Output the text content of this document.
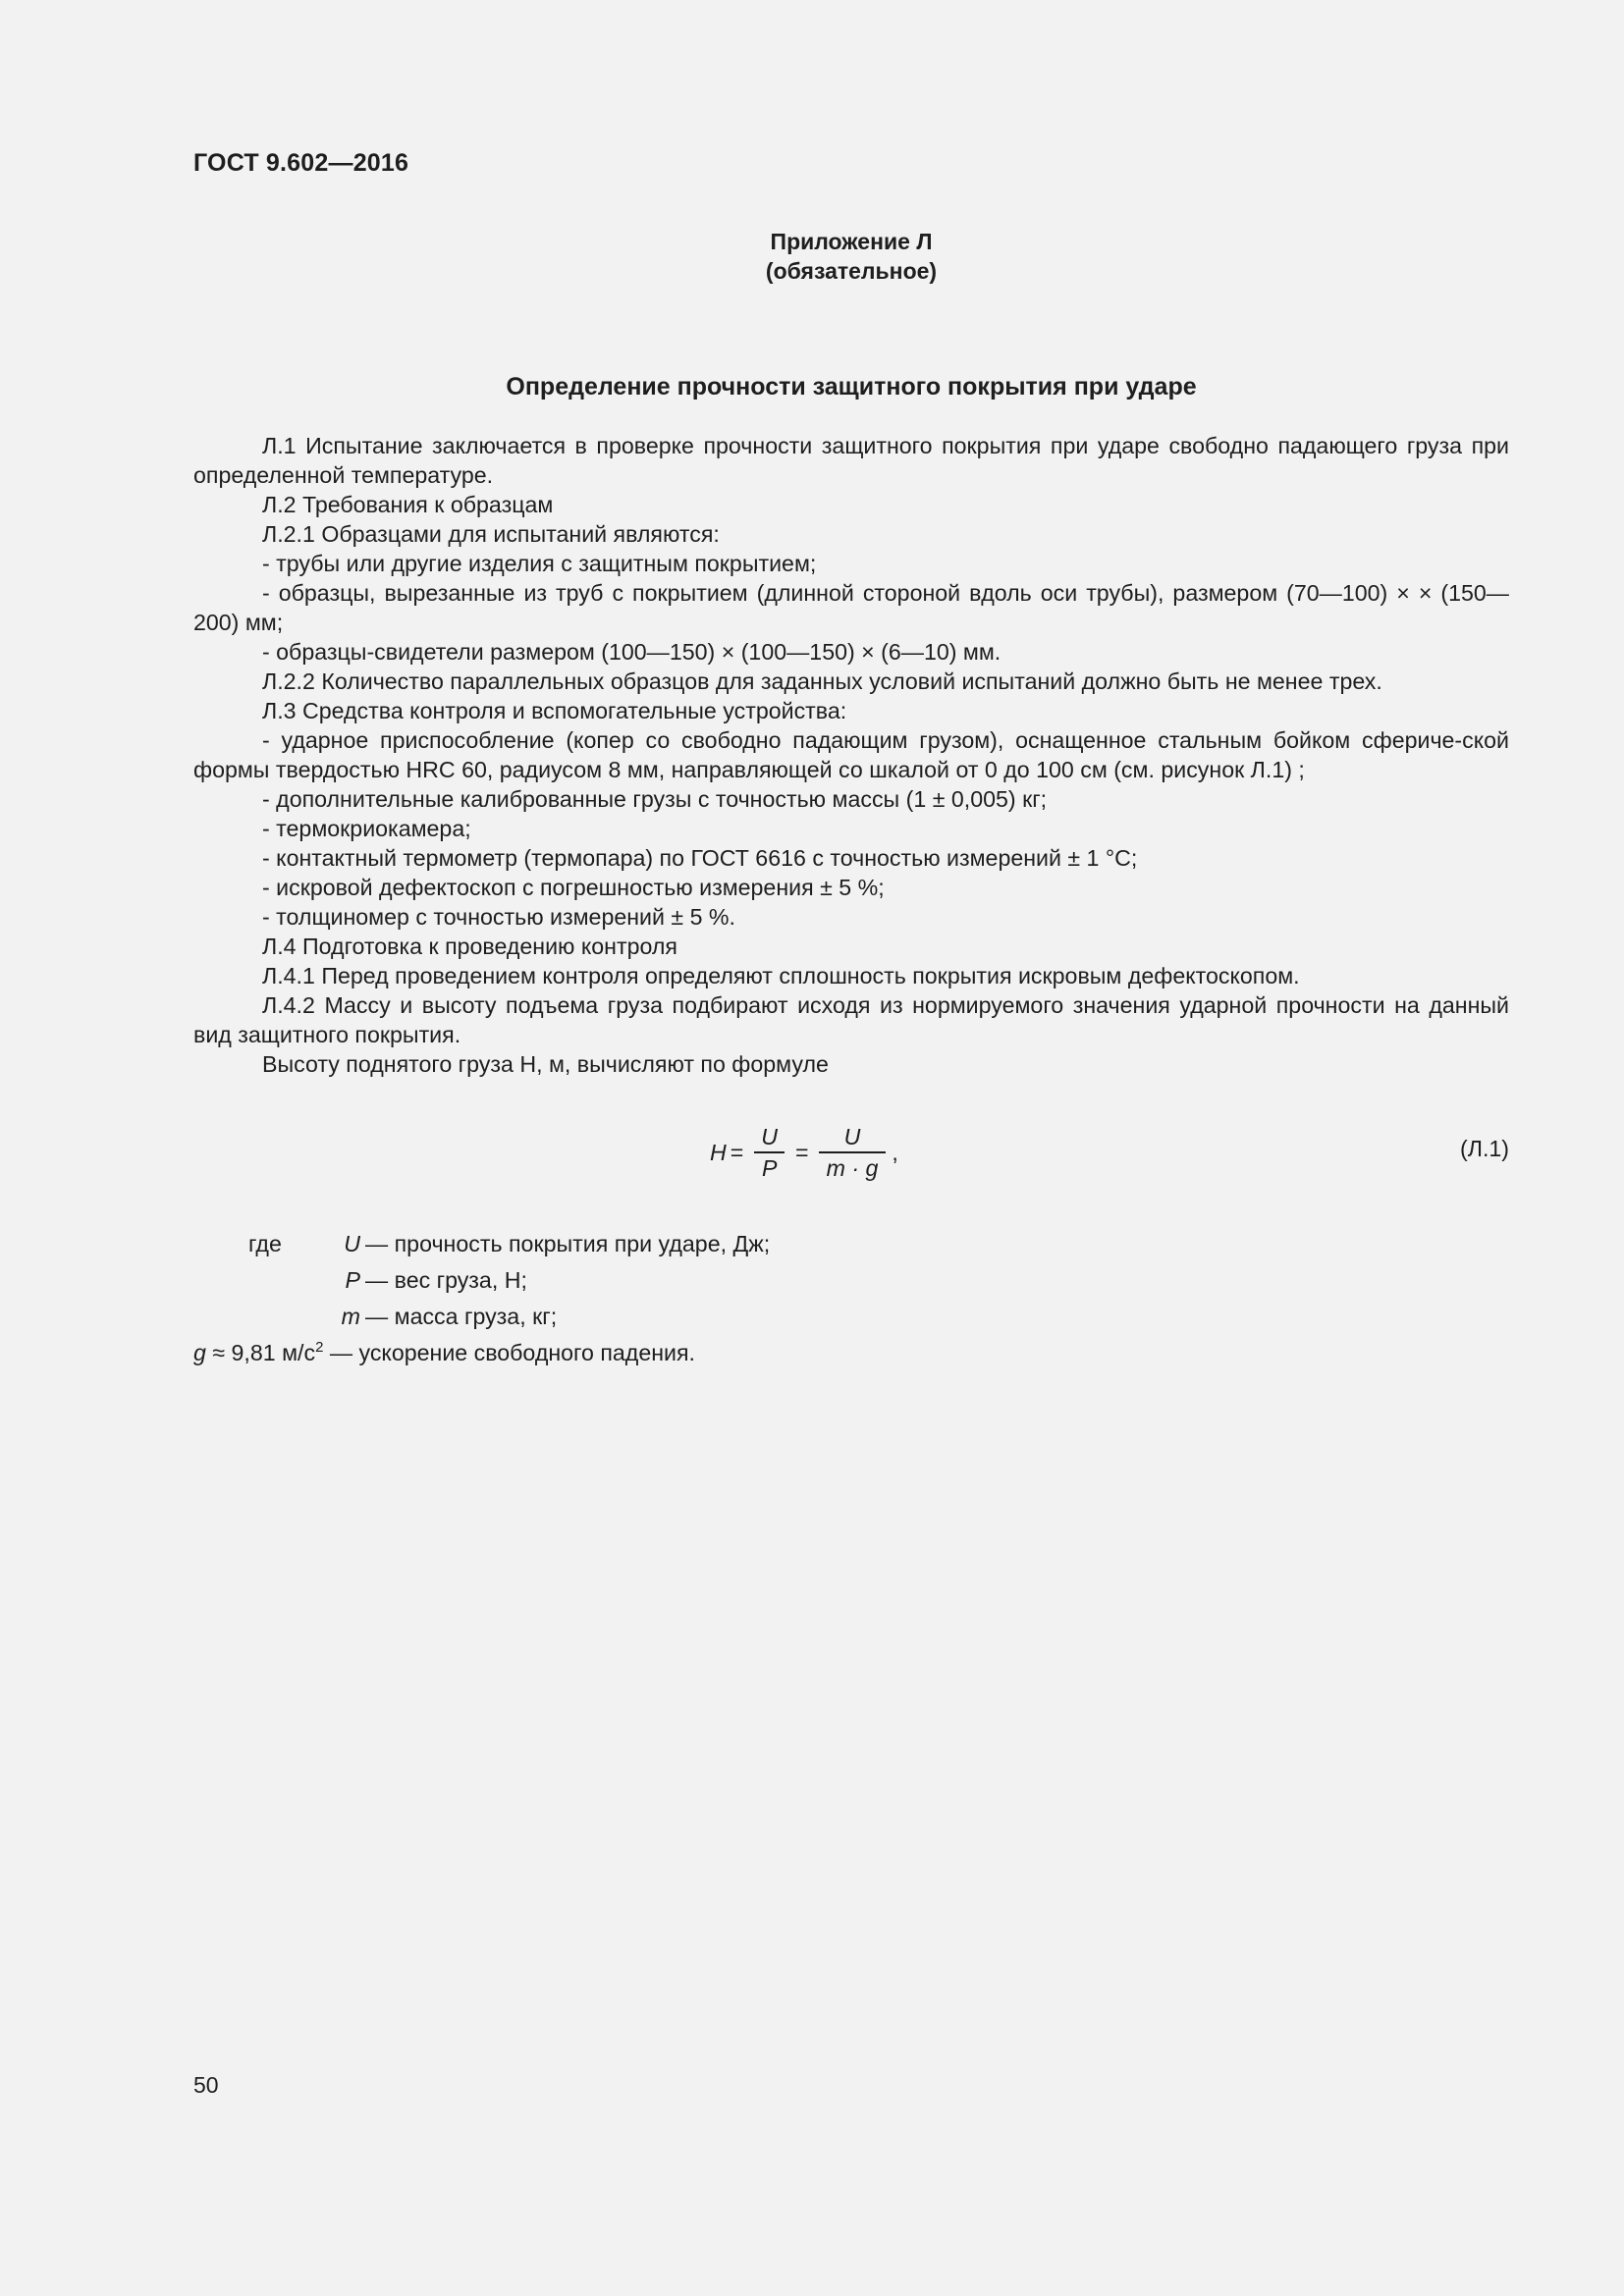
ГОСТ 9.602—2016
Приложение Л
(обязательное)
Определение прочности защитного покрытия при ударе

Л.1 Испытание заключается в проверке прочности защитного покрытия при ударе свободно падающего груза при определенной температуре.

Л.2 Требования к образцам

Л.2.1 Образцами для испытаний являются:

- трубы или другие изделия с защитным покрытием;

- образцы, вырезанные из труб с покрытием (длинной стороной вдоль оси трубы), размером (70—100) × × (150—200) мм;

- образцы-свидетели размером (100—150) × (100—150) × (6—10) мм.

Л.2.2 Количество параллельных образцов для заданных условий испытаний должно быть не менее трех.

Л.3 Средства контроля и вспомогательные устройства:

- ударное приспособление (копер со свободно падающим грузом), оснащенное стальным бойком сфериче-ской формы твердостью HRC 60, радиусом 8 мм, направляющей со шкалой от 0 до 100 см (см. рисунок Л.1) ;

- дополнительные калиброванные грузы с точностью массы (1 ± 0,005) кг;

- термокриокамера;

- контактный термометр (термопара) по ГОСТ 6616 с точностью измерений ± 1 °С;

- искровой дефектоскоп с погрешностью измерения ± 5 %;

- толщиномер с точностью измерений ± 5 %.

Л.4 Подготовка к проведению контроля

Л.4.1 Перед проведением контроля определяют сплошность покрытия искровым дефектоскопом.

Л.4.2 Массу и высоту подъема груза подбирают исходя из нормируемого значения ударной прочности на данный вид защитного покрытия.

Высоту поднятого груза Н, м, вычисляют по формуле

$H = \frac{U}{P} = \frac{U}{m \cdot g}$ ,	(Л.1)
где	U — прочность покрытия при ударе, Дж;
P — вес груза, Н;
m — масса груза, кг;
g ≈ 9,81 $м/с^2$ — ускорение свободного падения.
50
